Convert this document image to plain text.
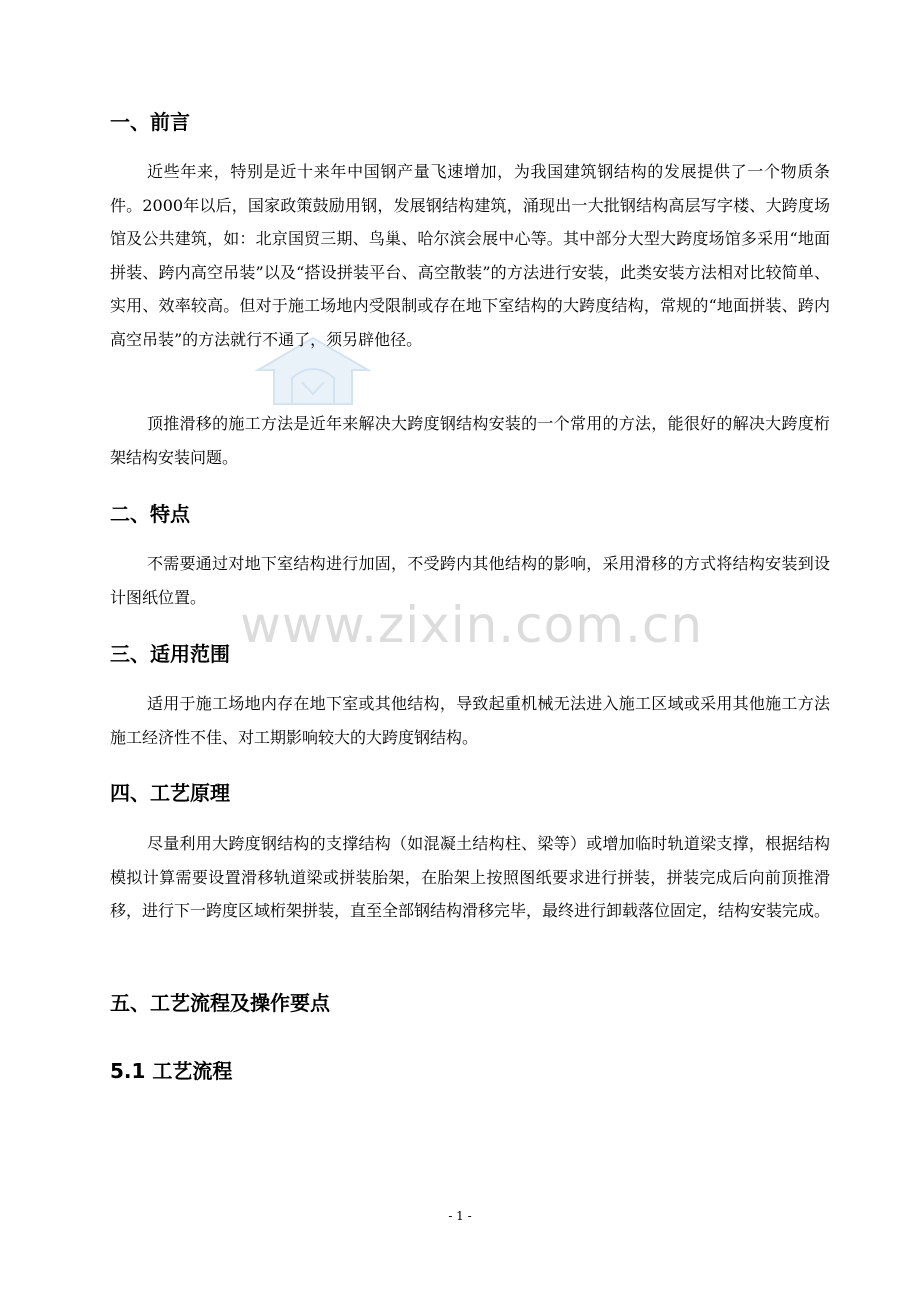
www.zixin.com.cn
一、前言
近些年来，特别是近十来年中国钢产量飞速增加，为我国建筑钢结构的发展提供了一个物质条件。2000年以后，国家政策鼓励用钢，发展钢结构建筑，涌现出一大批钢结构高层写字楼、大跨度场馆及公共建筑，如：北京国贸三期、鸟巢、哈尔滨会展中心等。其中部分大型大跨度场馆多采用“地面拼装、跨内高空吊装”以及“搭设拼装平台、高空散装”的方法进行安装，此类安装方法相对比较简单、实用、效率较高。但对于施工场地内受限制或存在地下室结构的大跨度结构，常规的“地面拼装、跨内高空吊装”的方法就行不通了，须另辟他径。
顶推滑移的施工方法是近年来解决大跨度钢结构安装的一个常用的方法，能很好的解决大跨度桁架结构安装问题。
二、特点
不需要通过对地下室结构进行加固，不受跨内其他结构的影响，采用滑移的方式将结构安装到设计图纸位置。
三、适用范围
适用于施工场地内存在地下室或其他结构，导致起重机械无法进入施工区域或采用其他施工方法施工经济性不佳、对工期影响较大的大跨度钢结构。
四、工艺原理
尽量利用大跨度钢结构的支撑结构（如混凝土结构柱、梁等）或增加临时轨道梁支撑，根据结构模拟计算需要设置滑移轨道梁或拼装胎架，在胎架上按照图纸要求进行拼装，拼装完成后向前顶推滑移，进行下一跨度区域桁架拼装，直至全部钢结构滑移完毕，最终进行卸载落位固定，结构安装完成。
五、工艺流程及操作要点
5.1 工艺流程
- 1 -
